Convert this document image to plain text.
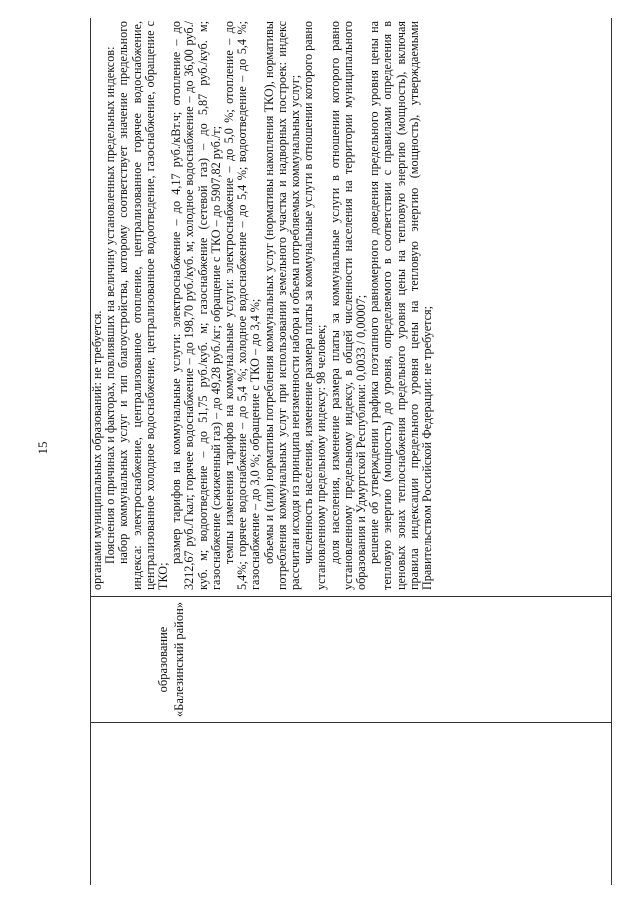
15
образование «Балезинский район»

органами муниципальных образований: не требуется. Пояснения о причинах и факторах, повлиявших на величину установленных предельных индексов: набор коммунальных услуг и тип благоустройства, которому соответствует значение предельного индекса: электроснабжение, централизованное отопление, централизованное горячее водоснабжение, централизованное холодное водоснабжение, централизованное водоотведение, газоснабжение, обращение с ТКО;

размер тарифов на коммунальные услуги: электроснабжение – до 4,17 руб./кВт.ч; отопление – до 3212,67 руб./Гкал; горячее водоснабжение – до 198,70 руб./куб. м; холодное водоснабжение – до 36,00 руб./куб. м; водоотведение – до 51,75 руб./куб. м; газоснабжение (сетевой газ) – до 5,87 руб./куб. м; газоснабжение (сжиженный газ) – до 49,28 руб./кг; обращение с ТКО – до 5907,82 руб./т; темпы изменения тарифов на коммунальные услуги: электроснабжение – до 5,0 %; отопление – до 5,4%; горячее водоснабжение – до 5,4 %; холодное водоснабжение – до 5,4 %; водоотведение – до 5,4 %; газоснабжение – до 3,0 %; обращение с ТКО – до 3,4 %; объемы и (или) нормативы потребления коммунальных услуг (нормативы накопления ТКО), нормативы потребления коммунальных услуг при использовании земельного участка и надворных построек: индекс рассчитан исходя из принципа неизменности набора и объема потребляемых коммунальных услуг; численность населения, изменение размера платы за коммунальные услуги в отношении которого равно установленному предельному индексу: 98 человек; доля населения, изменение размера платы за коммунальные услуги в отношении которого равно установленному предельному индексу, в общей численности населения на территории муниципального образования и Удмуртской Республики: 0,0033 / 0,00007; решение об утверждении графика поэтапного равномерного доведения предельного уровня цены на тепловую энергию (мощность) до уровня, определяемого в соответствии с правилами определения в ценовых зонах теплоснабжения предельного уровня цены на тепловую энергию (мощность), включая правила индексации предельного уровня цены на тепловую энергию (мощность), утверждаемыми Правительством Российской Федерации: не требуется;
